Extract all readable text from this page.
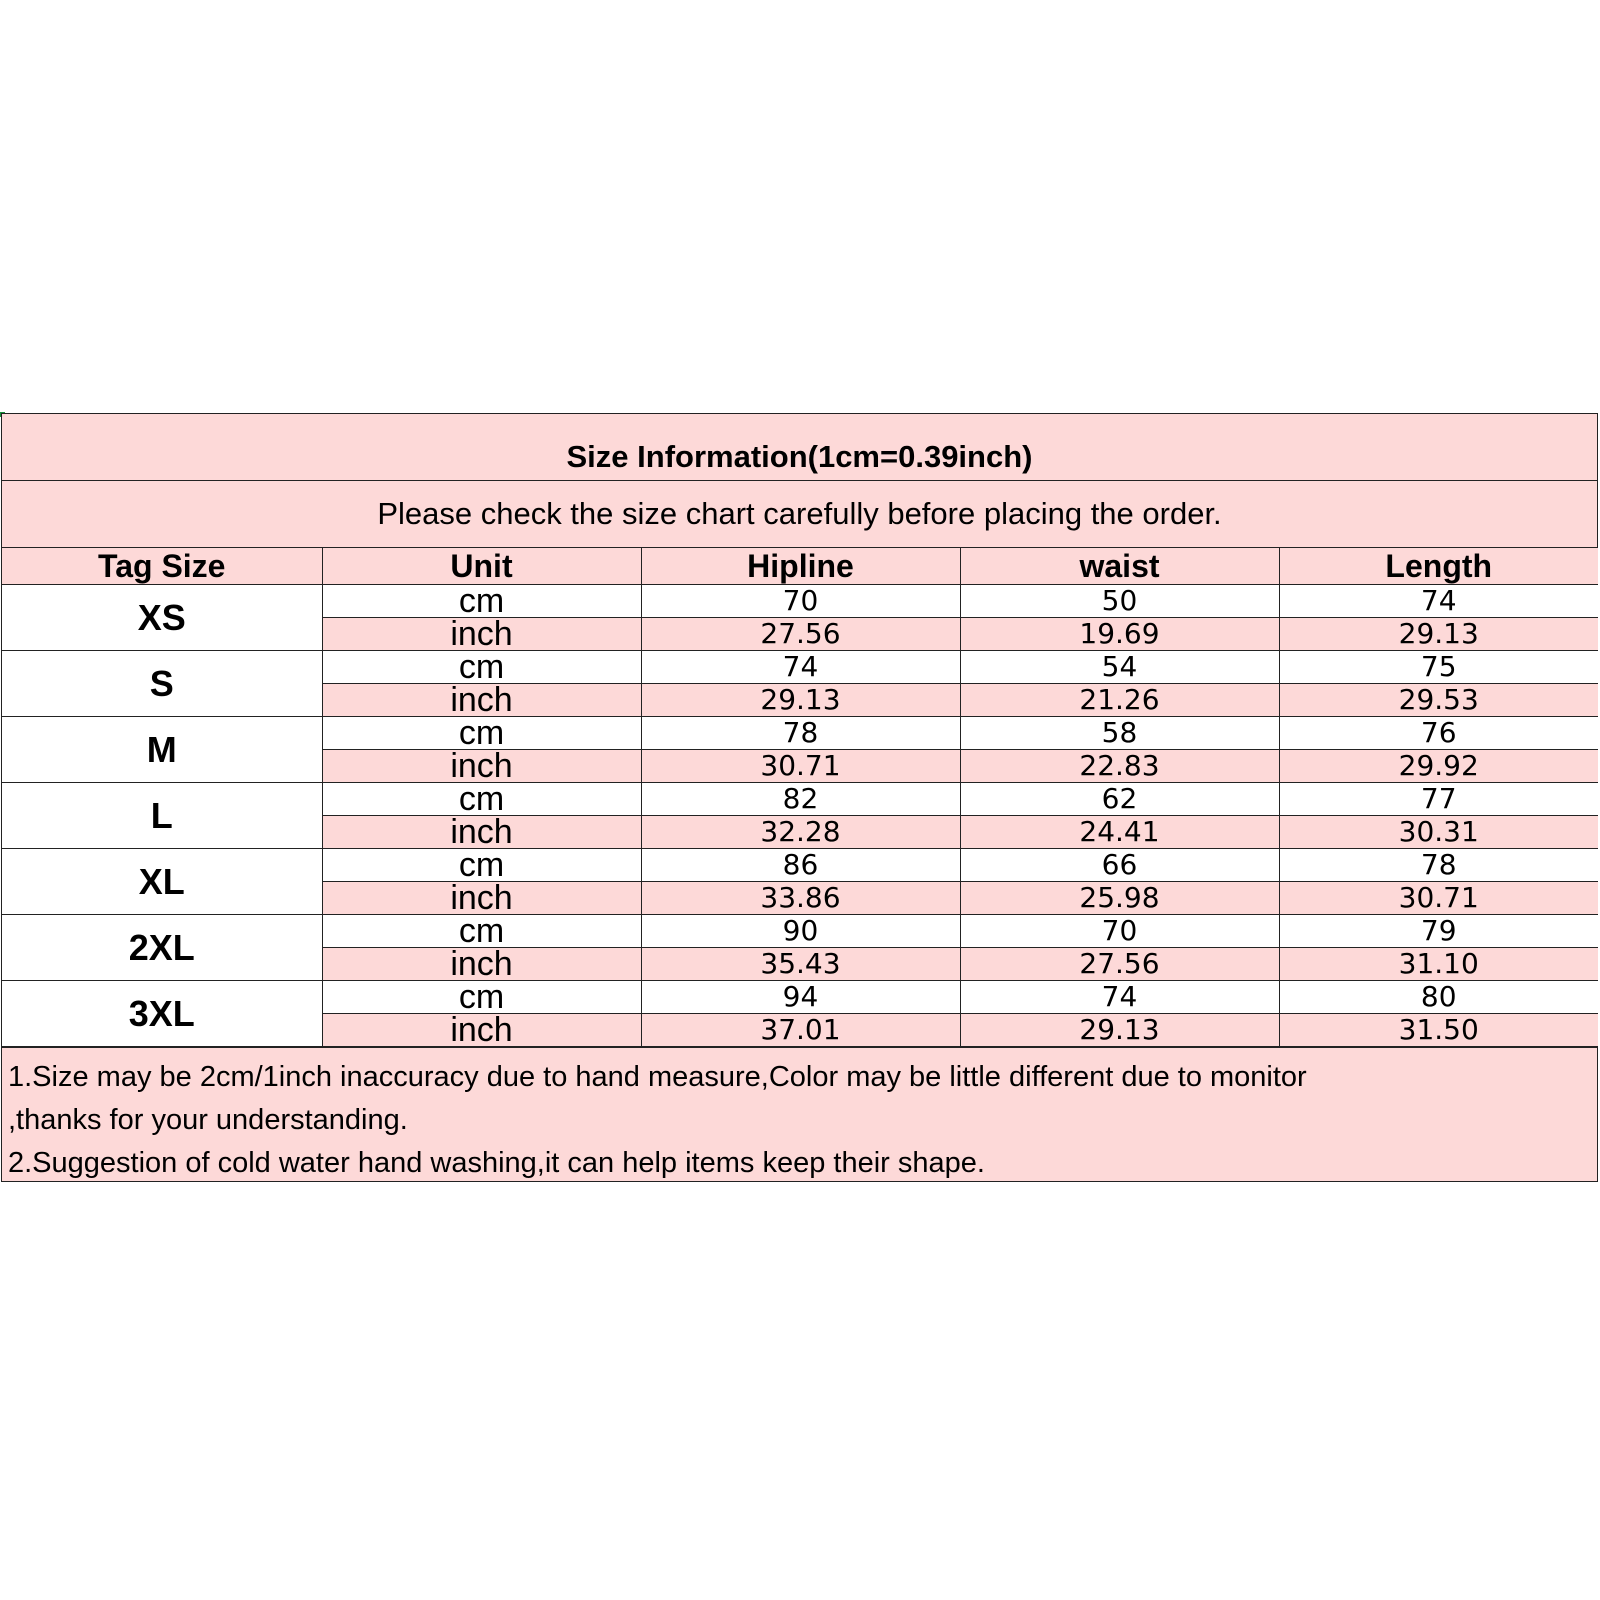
Size Information(1cm=0.39inch)
Please check the size chart carefully before placing the order.
Tag Size	Unit	Hipline	waist	Length
XS	cm	70	50	74
	inch	27.56	19.69	29.13
S	cm	74	54	75
	inch	29.13	21.26	29.53
M	cm	78	58	76
	inch	30.71	22.83	29.92
L	cm	82	62	77
	inch	32.28	24.41	30.31
XL	cm	86	66	78
	inch	33.86	25.98	30.71
2XL	cm	90	70	79
	inch	35.43	27.56	31.10
3XL	cm	94	74	80
	inch	37.01	29.13	31.50
1.Size may be 2cm/1inch inaccuracy due to hand measure,Color may be little different due to monitor
,thanks for your understanding.
2.Suggestion of cold water hand washing,it can help items keep their shape.
